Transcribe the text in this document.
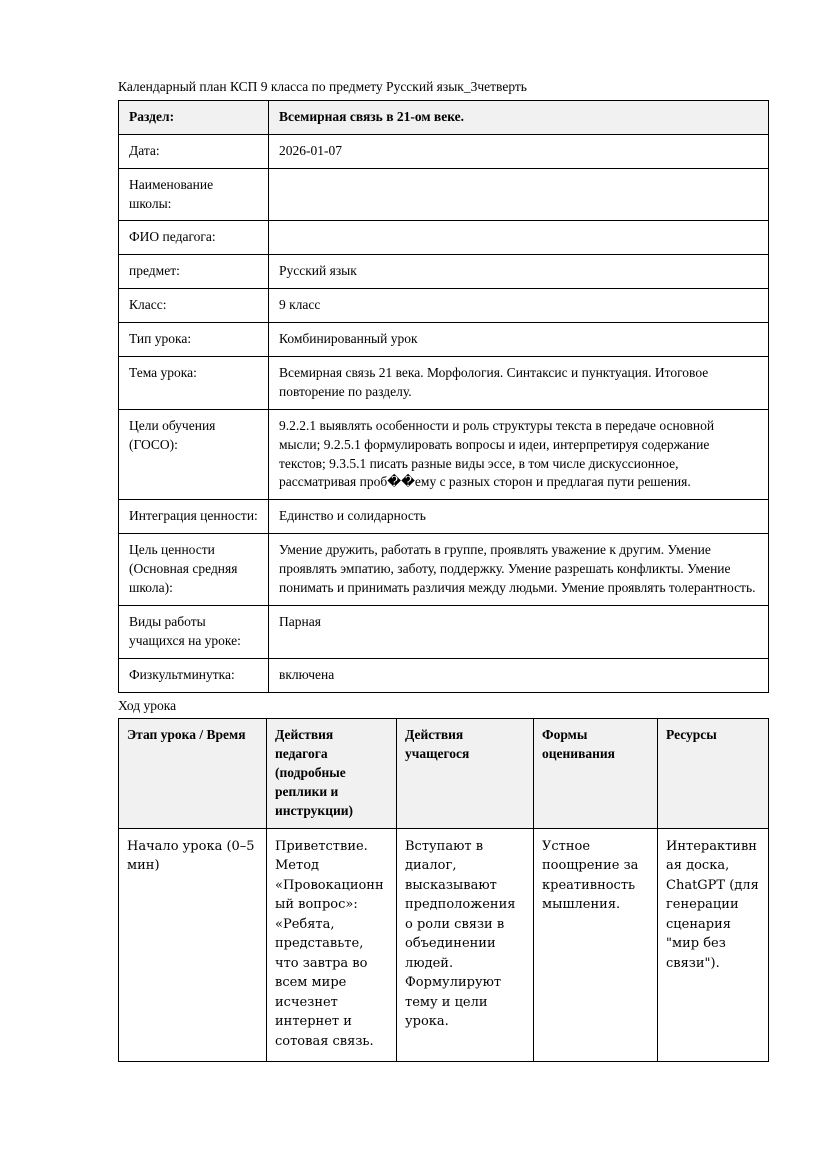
Календарный план КСП 9 класса по предмету Русский язык_3четверть
Раздел:	Всемирная связь в 21-ом веке.
Дата:	2026-01-07
Наименование школы:	
ФИО педагога:	
предмет:	Русский язык
Класс:	9 класс
Тип урока:	Комбинированный урок
Тема урока:	Всемирная связь 21 века. Морфология. Синтаксис и пунктуация. Итоговое повторение по разделу.
Цели обучения (ГОСО):	9.2.2.1 выявлять особенности и роль структуры текста в передаче основной мысли; 9.2.5.1 формулировать вопросы и идеи, интерпретируя содержание текстов; 9.3.5.1 писать разные виды эссе, в том числе дискуссионное, рассматривая проб��ему с разных сторон и предлагая пути решения.
Интеграция ценности:	Единство и солидарность
Цель ценности (Основная средняя школа):	Умение дружить, работать в группе, проявлять уважение к другим. Умение проявлять эмпатию, заботу, поддержку. Умение разрешать конфликты. Умение понимать и принимать различия между людьми. Умение проявлять толерантность.
Виды работы учащихся на уроке:	Парная
Физкультминутка:	включена
Ход урока
Этап урока / Время	Действия педагога (подробные реплики и инструкции)	Действия учащегося	Формы оценивания	Ресурсы
Начало урока (0–5 мин)	Приветствие. Метод «Провокационный вопрос»: «Ребята, представьте, что завтра во всем мире исчезнет интернет и сотовая связь.	Вступают в диалог, высказывают предположения о роли связи в объединении людей. Формулируют тему и цели урока.	Устное поощрение за креативность мышления.	Интерактивная доска, ChatGPT (для генерации сценария "мир без связи").
